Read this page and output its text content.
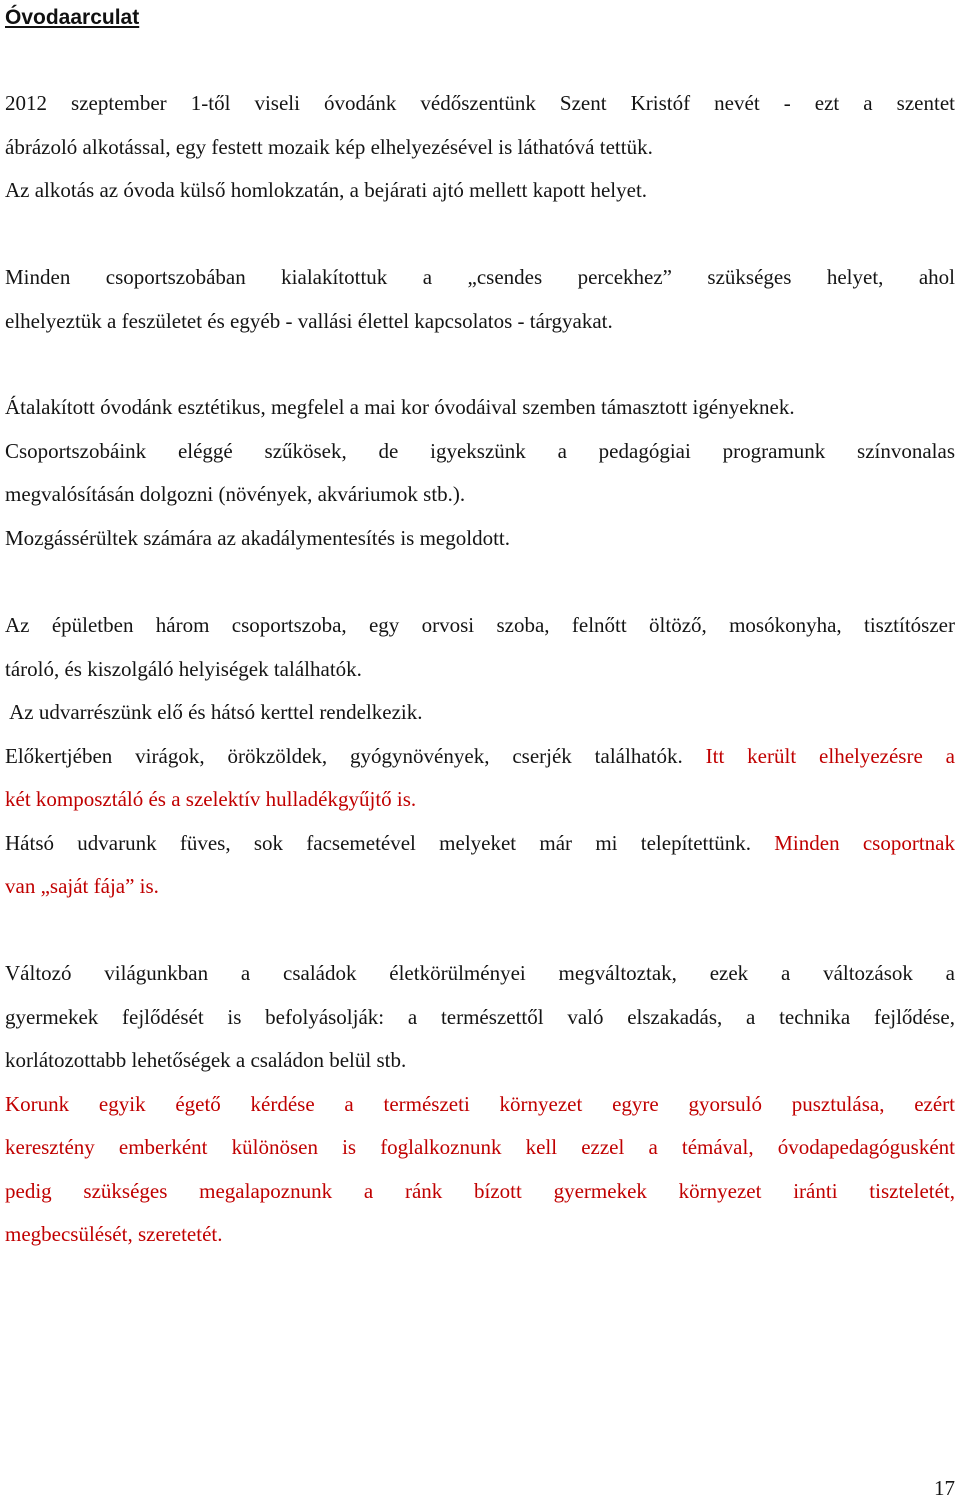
Óvodaarculat

2012 szeptember 1-től viseli óvodánk védőszentünk Szent Kristóf nevét - ezt a szentet
ábrázoló alkotással, egy festett mozaik kép elhelyezésével is láthatóvá tettük.
Az alkotás az óvoda külső homlokzatán, a bejárati ajtó mellett kapott helyet.

Minden csoportszobában kialakítottuk a „csendes percekhez” szükséges helyet, ahol
elhelyeztük a feszületet és egyéb - vallási élettel kapcsolatos - tárgyakat.

Átalakított óvodánk esztétikus, megfelel a mai kor óvodáival szemben támasztott igényeknek.
Csoportszobáink eléggé szűkösek, de igyekszünk a pedagógiai programunk színvonalas
megvalósításán dolgozni (növények, akváriumok stb.).
Mozgássérültek számára az akadálymentesítés is megoldott.

Az épületben három csoportszoba, egy orvosi szoba, felnőtt öltöző, mosókonyha, tisztítószer
tároló, és kiszolgáló helyiségek találhatók.
Az udvarrészünk elő és hátsó kerttel rendelkezik.
Előkertjében virágok, örökzöldek, gyógynövények, cserjék találhatók. Itt került elhelyezésre a
két komposztáló és a szelektív hulladékgyűjtő is.
Hátsó udvarunk füves, sok facsemetével melyeket már mi telepítettünk. Minden csoportnak
van „saját fája” is.

Változó világunkban a családok életkörülményei megváltoztak, ezek a változások a
gyermekek fejlődését is befolyásolják: a természettől való elszakadás, a technika fejlődése,
korlátozottabb lehetőségek a családon belül stb.
Korunk egyik égető kérdése a természeti környezet egyre gyorsuló pusztulása, ezért
keresztény emberként különösen is foglalkoznunk kell ezzel a témával, óvodapedagógusként
pedig szükséges megalapoznunk a ránk bízott gyermekek környezet iránti tiszteletét,
megbecsülését, szeretetét.

17
